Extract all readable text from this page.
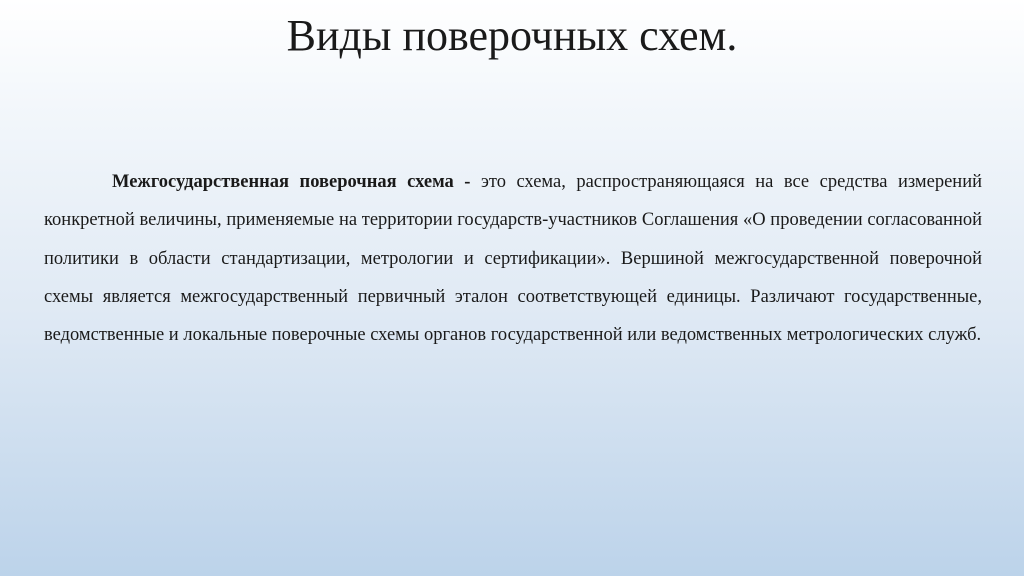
Виды поверочных схем.

Межгосударственная поверочная схема - это схема, распространяющаяся на все средства измерений конкретной величины, применяемые на территории государств-участников Соглашения «О проведении согласованной политики в области стандартизации, метрологии и сертификации». Вершиной межгосударственной поверочной схемы является межгосударственный первичный эталон соответствующей единицы. Различают государственные, ведомственные и локальные поверочные схемы органов государственной или ведомственных метрологических служб.
